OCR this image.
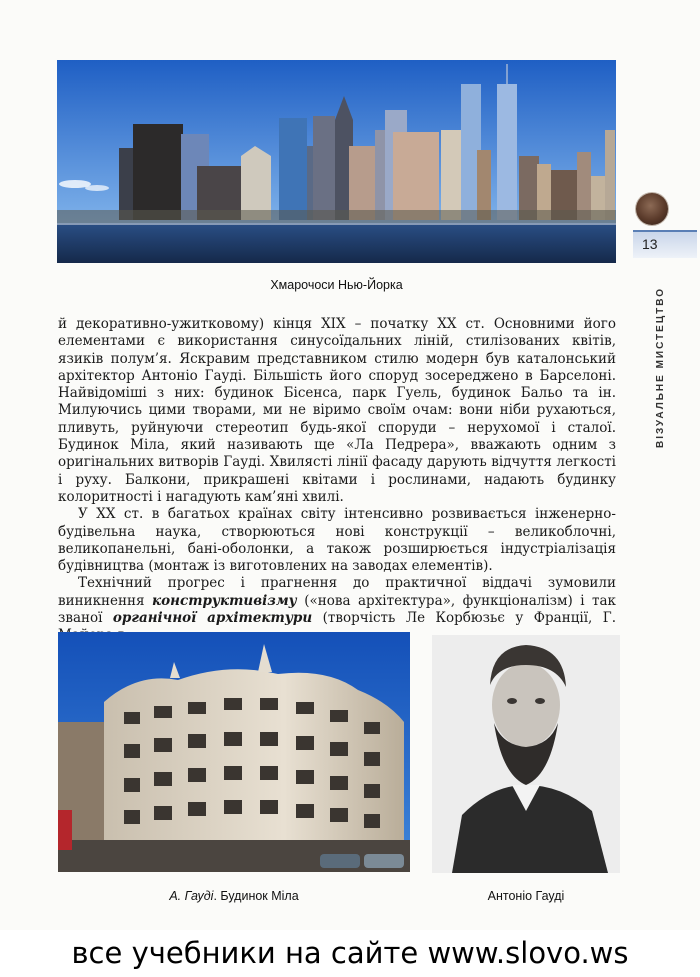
Хмарочоси Нью-Йорка
13
ВІЗУАЛЬНЕ МИСТЕЦТВО

й декоративно-ужитковому) кінця XIX – початку XX ст. Основними його елементами є використання синусоїдальних ліній, стилізованих квітів, язиків полум’я. Яскравим представником стилю модерн був каталонський архітектор Антоніо Гауді. Більшість його споруд зосереджено в Барселоні. Найвідоміші з них: будинок Бісенса, парк Гуель, будинок Бальо та ін. Милуючись цими творами, ми не віримо своїм очам: вони ніби рухаються, пливуть, руйнуючи стереотип будь-якої споруди – нерухомої і сталої. Будинок Міла, який називають ще «Ла Педрера», вважають одним з оригінальних витворів Гауді. Хвилясті лінії фасаду дарують відчуття легкості і руху. Балкони, прикрашені квітами і рослинами, надають будинку колоритності і нагадують кам’яні хвилі.

У XX ст. в багатьох країнах світу інтенсивно розвивається інженерно-будівельна наука, створюються нові конструкції – великоблочні, великопанельні, бані-оболонки, а також розширюється індустріалізація будівництва (монтаж із виготовлених на заводах елементів).

Технічний прогрес і прагнення до практичної віддачі зумовили виникнення конструктивізму («нова архітектура», функціоналізм) і так званої органічної архітектури (творчість Ле Корбюзьє у Франції, Г.

А. Гауді. Будинок Міла	Антоніо Гауді
все учебники на сайте www.slovo.ws
